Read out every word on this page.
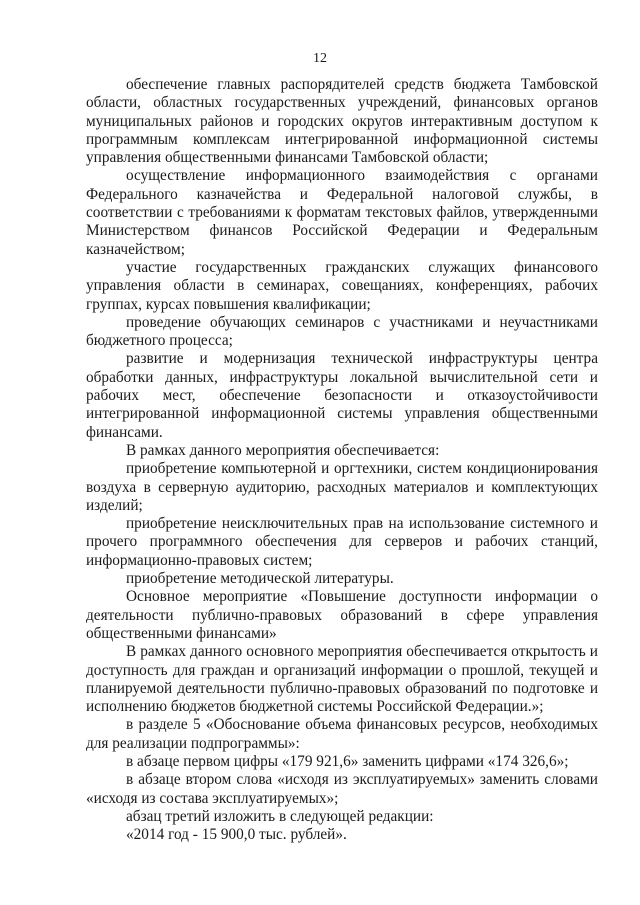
12

обеспечение главных распорядителей средств бюджета Тамбовской области, областных государственных учреждений, финансовых органов муниципальных районов и городских округов интерактивным доступом к программным комплексам интегрированной информационной системы управления общественными финансами Тамбовской области;

осуществление информационного взаимодействия с органами Федерального казначейства и Федеральной налоговой службы, в соответствии с требованиями к форматам текстовых файлов, утвержденными Министерством финансов Российской Федерации и Федеральным казначейством;

участие государственных гражданских служащих финансового управления области в семинарах, совещаниях, конференциях, рабочих группах, курсах повышения квалификации;

проведение обучающих семинаров с участниками и неучастниками бюджетного процесса;

развитие и модернизация технической инфраструктуры центра обработки данных, инфраструктуры локальной вычислительной сети и рабочих мест, обеспечение безопасности и отказоустойчивости интегрированной информационной системы управления общественными финансами.

В рамках данного мероприятия обеспечивается:

приобретение компьютерной и оргтехники, систем кондиционирования воздуха в серверную аудиторию, расходных материалов и комплектующих изделий;

приобретение неисключительных прав на использование системного и прочего программного обеспечения для серверов и рабочих станций, информационно-правовых систем;

приобретение методической литературы.

Основное мероприятие «Повышение доступности информации о деятельности публично-правовых образований в сфере управления общественными финансами»

В рамках данного основного мероприятия обеспечивается открытость и доступность для граждан и организаций информации о прошлой, текущей и планируемой деятельности публично-правовых образований по подготовке и исполнению бюджетов бюджетной системы Российской Федерации.»;

в разделе 5 «Обоснование объема финансовых ресурсов, необходимых для реализации подпрограммы»:

в абзаце первом цифры «179 921,6» заменить цифрами «174 326,6»;

в абзаце втором слова «исходя из эксплуатируемых» заменить словами «исходя из состава эксплуатируемых»;

абзац третий изложить в следующей редакции:

«2014 год - 15 900,0 тыс. рублей».
